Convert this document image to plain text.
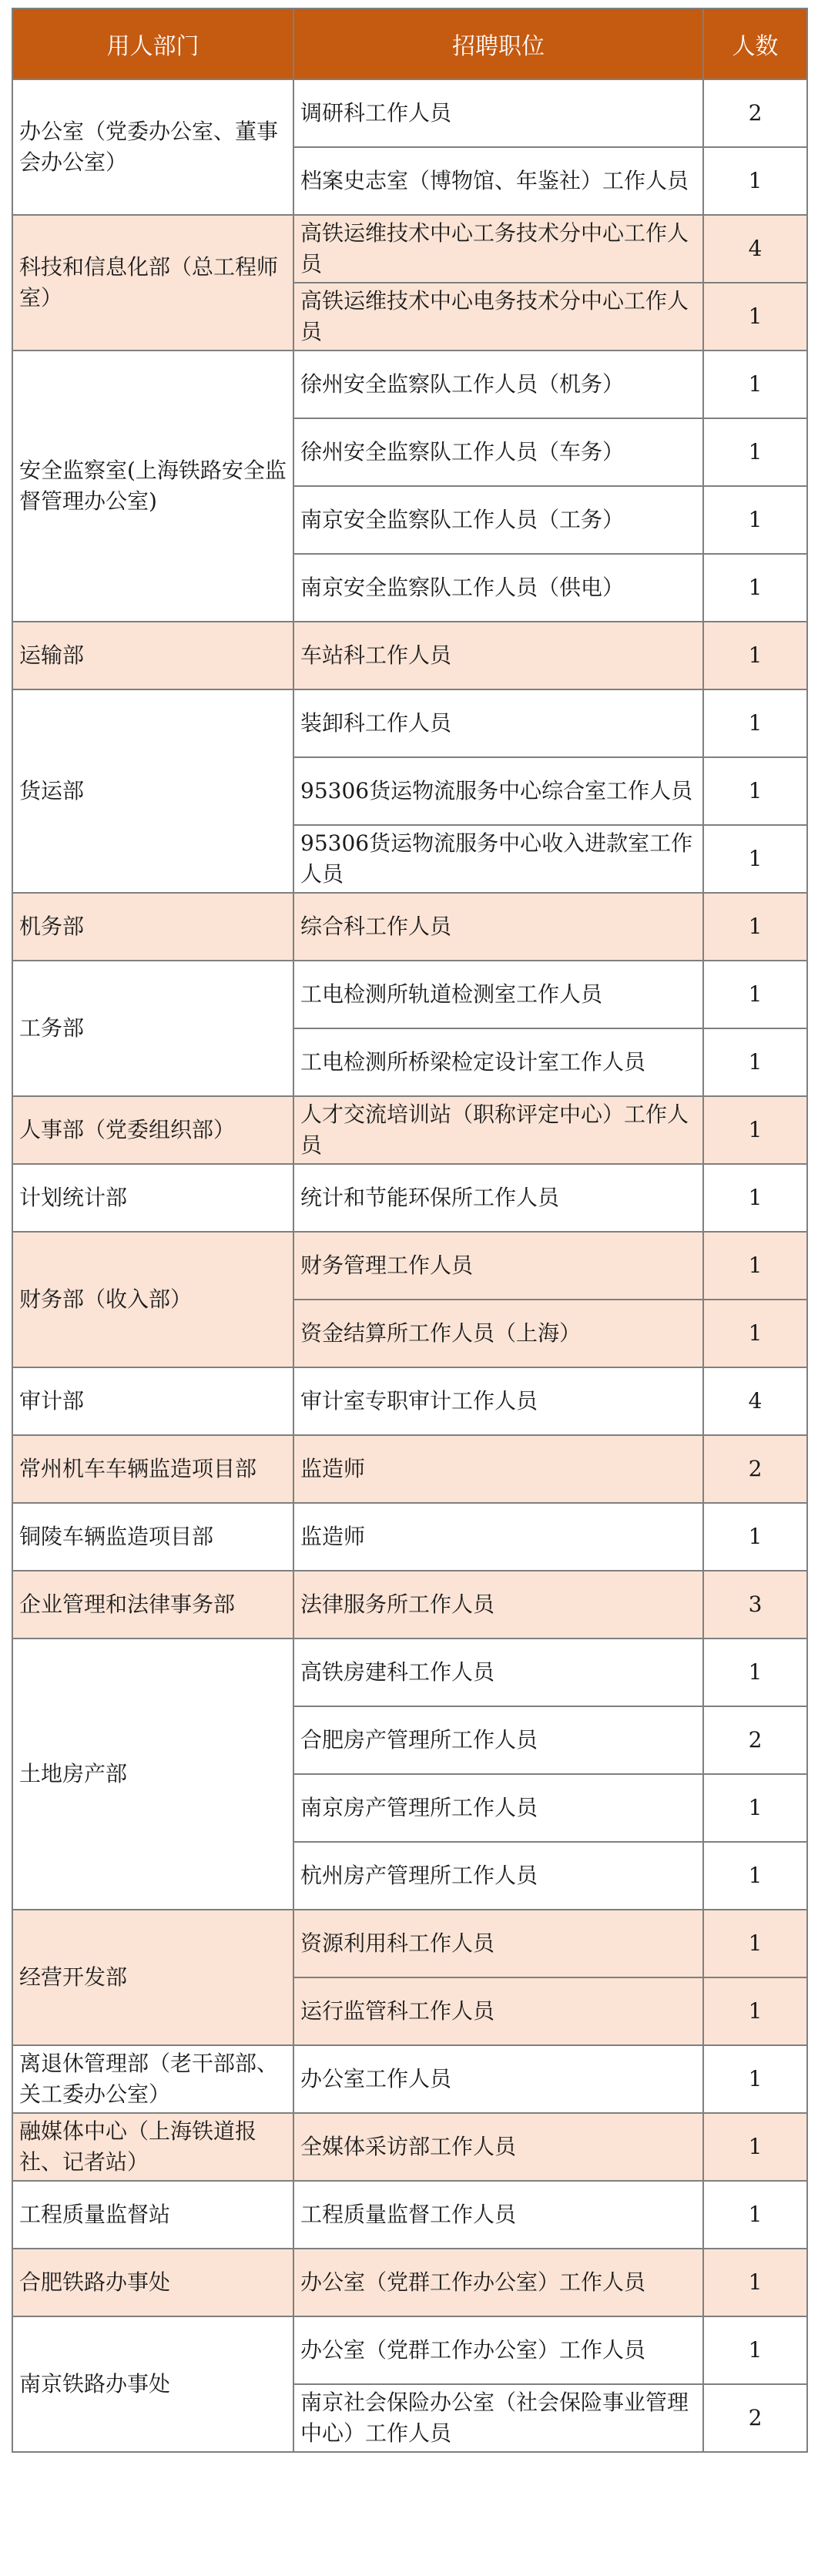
用人部门	招聘职位	人数
办公室（党委办公室、董事会办公室）	调研科工作人员	2
	档案史志室（博物馆、年鉴社）工作人员	1
科技和信息化部（总工程师室）	高铁运维技术中心工务技术分中心工作人员	4
	高铁运维技术中心电务技术分中心工作人员	1
安全监察室(上海铁路安全监督管理办公室)	徐州安全监察队工作人员（机务）	1
	徐州安全监察队工作人员（车务）	1
	南京安全监察队工作人员（工务）	1
	南京安全监察队工作人员（供电）	1
运输部	车站科工作人员	1
货运部	装卸科工作人员	1
	95306货运物流服务中心综合室工作人员	1
	95306货运物流服务中心收入进款室工作人员	1
机务部	综合科工作人员	1
工务部	工电检测所轨道检测室工作人员	1
	工电检测所桥梁检定设计室工作人员	1
人事部（党委组织部）	人才交流培训站（职称评定中心）工作人员	1
计划统计部	统计和节能环保所工作人员	1
财务部（收入部）	财务管理工作人员	1
	资金结算所工作人员（上海）	1
审计部	审计室专职审计工作人员	4
常州机车车辆监造项目部	监造师	2
铜陵车辆监造项目部	监造师	1
企业管理和法律事务部	法律服务所工作人员	3
土地房产部	高铁房建科工作人员	1
	合肥房产管理所工作人员	2
	南京房产管理所工作人员	1
	杭州房产管理所工作人员	1
经营开发部	资源利用科工作人员	1
	运行监管科工作人员	1
离退休管理部（老干部部、关工委办公室）	办公室工作人员	1
融媒体中心（上海铁道报社、记者站）	全媒体采访部工作人员	1
工程质量监督站	工程质量监督工作人员	1
合肥铁路办事处	办公室（党群工作办公室）工作人员	1
南京铁路办事处	办公室（党群工作办公室）工作人员	1
	南京社会保险办公室（社会保险事业管理中心）工作人员	2
